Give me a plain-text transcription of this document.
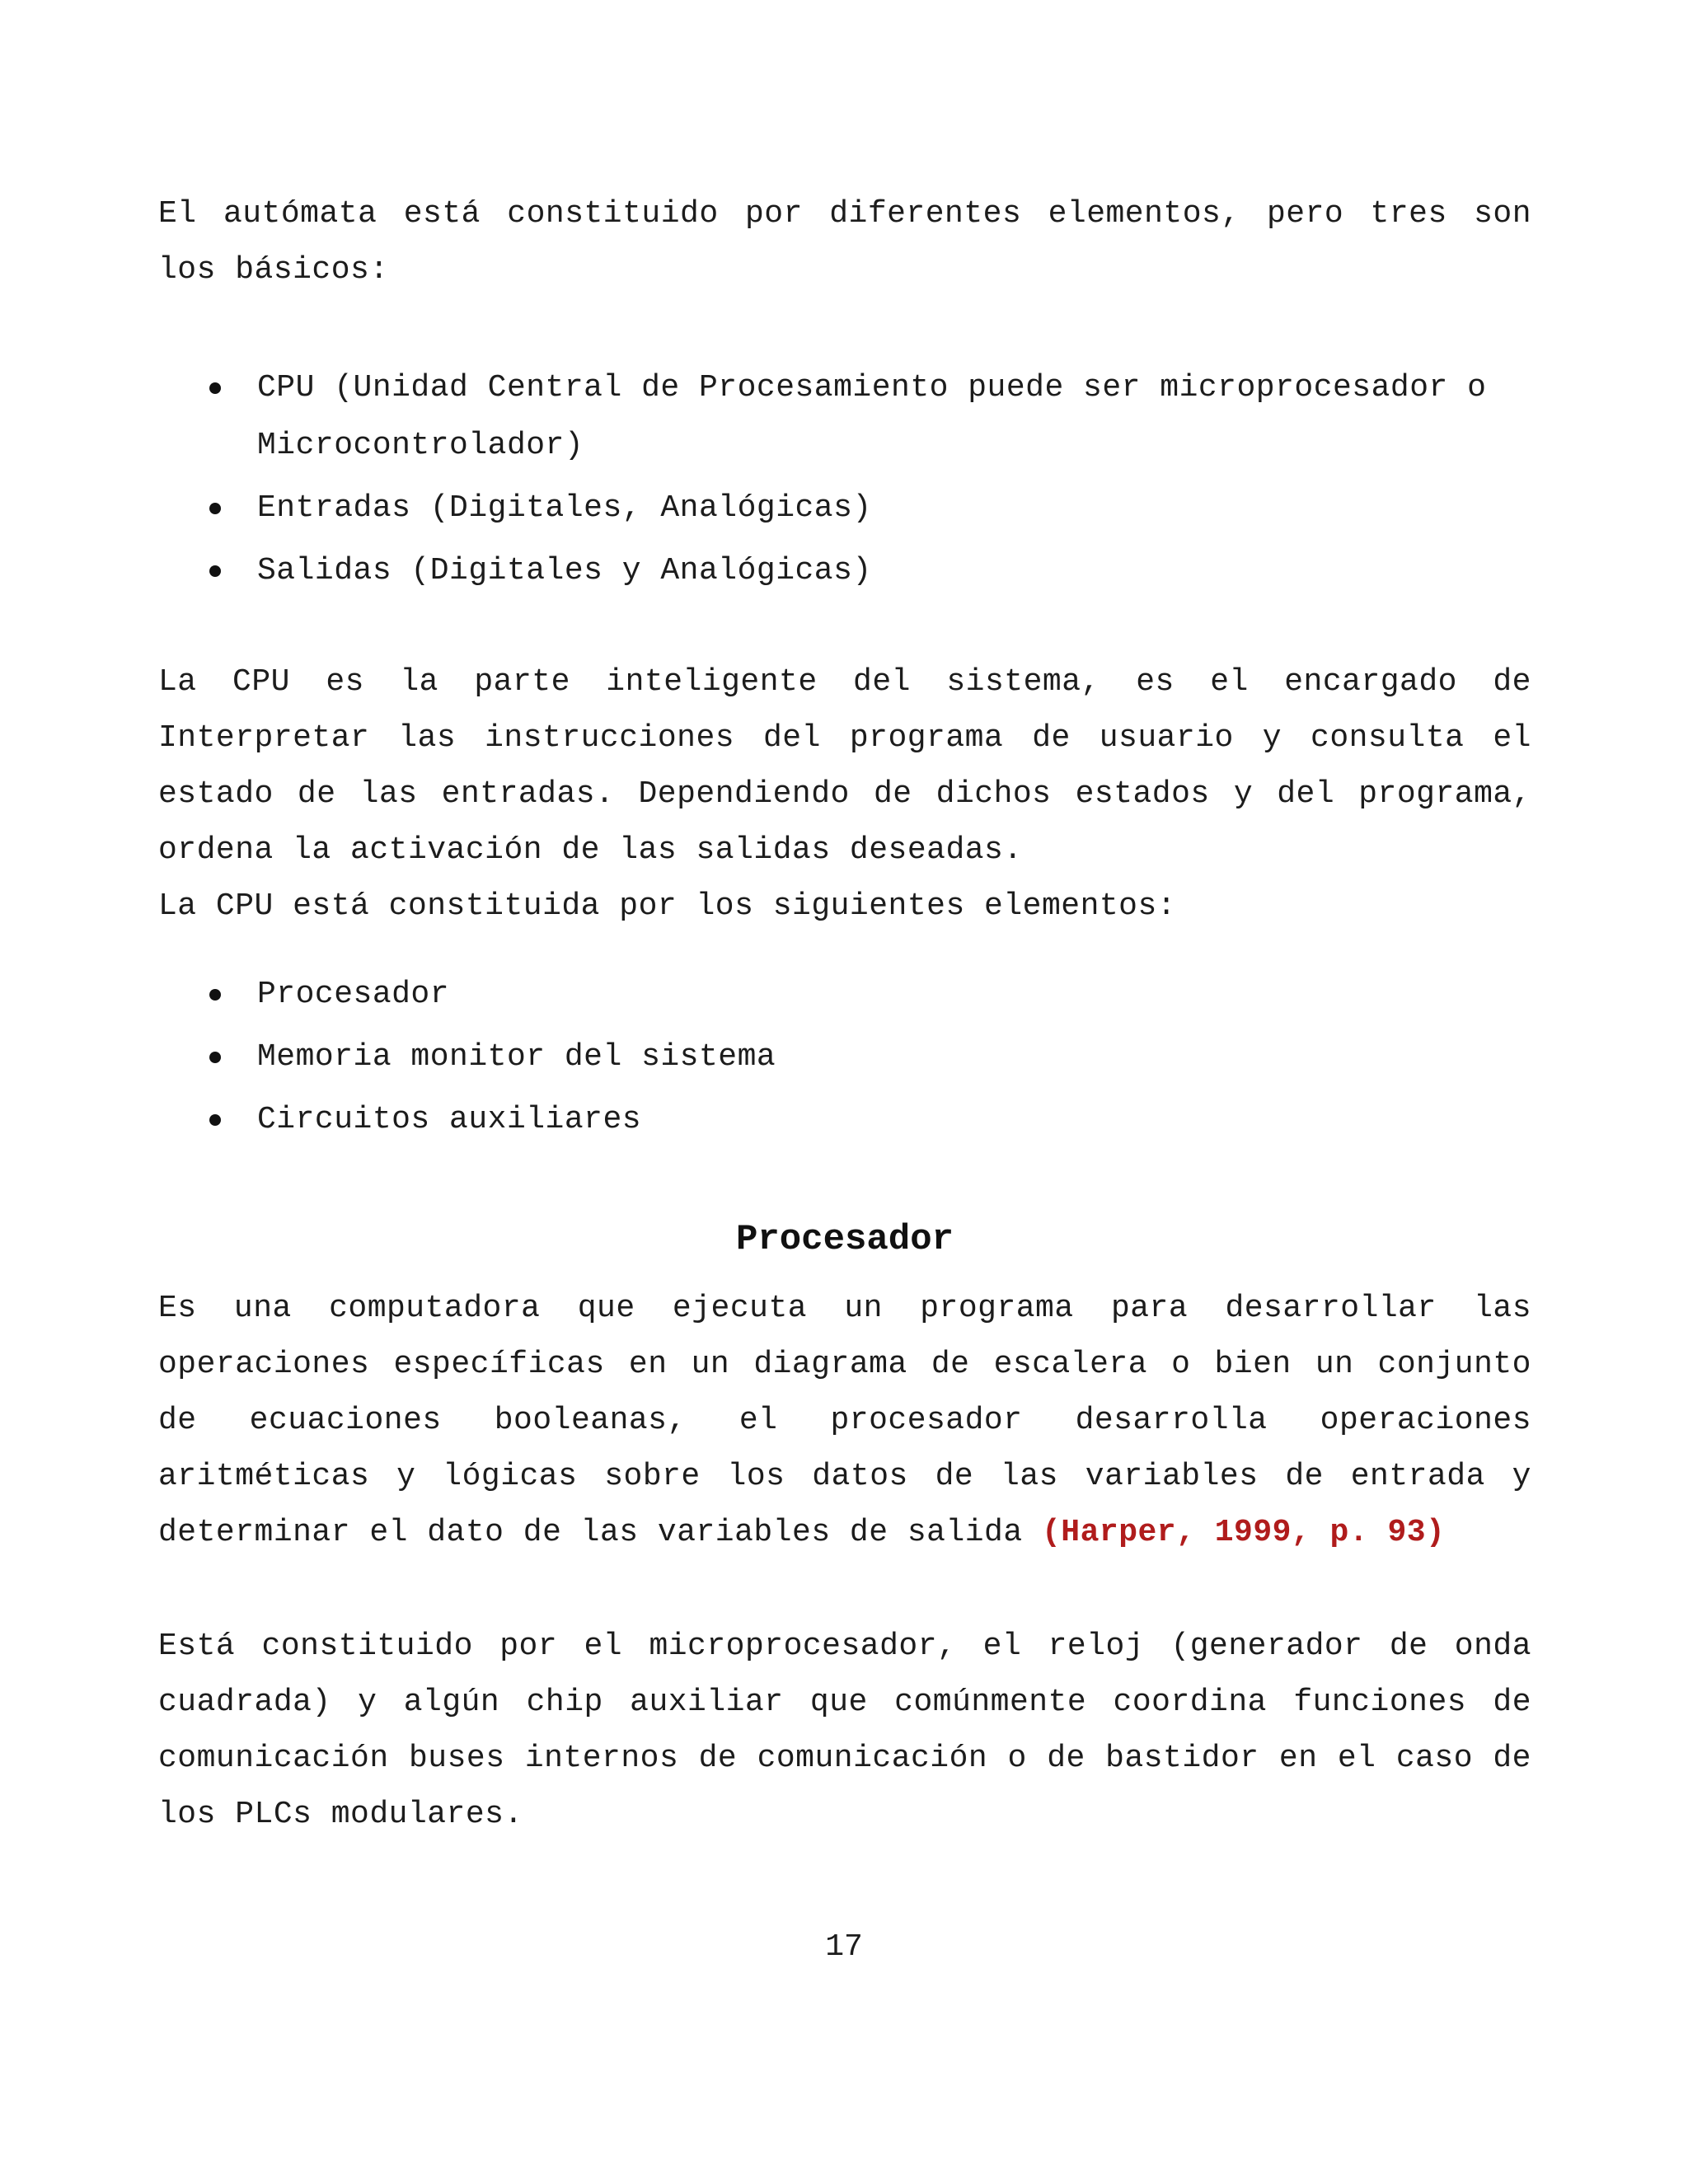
El autómata está constituido por diferentes elementos, pero tres son los básicos:

CPU (Unidad Central de Procesamiento puede ser microprocesador o Microcontrolador)
Entradas (Digitales, Analógicas)
Salidas (Digitales y Analógicas)

La CPU es la parte inteligente del sistema, es el encargado de Interpretar las instrucciones del programa de usuario y consulta el estado de las entradas. Dependiendo de dichos estados y del programa, ordena la activación de las salidas deseadas.

La CPU está constituida por los siguientes elementos:

Procesador
Memoria monitor del sistema
Circuitos auxiliares
Procesador

Es una computadora que ejecuta un programa para desarrollar las operaciones específicas en un diagrama de escalera o bien un conjunto de ecuaciones booleanas, el procesador desarrolla operaciones aritméticas y lógicas sobre los datos de las variables de entrada y determinar el dato de las variables de salida (Harper, 1999, p. 93)

Está constituido por el microprocesador, el reloj (generador de onda cuadrada) y algún chip auxiliar que comúnmente coordina funciones de comunicación buses internos de comunicación o de bastidor en el caso de los PLCs modulares.

17
